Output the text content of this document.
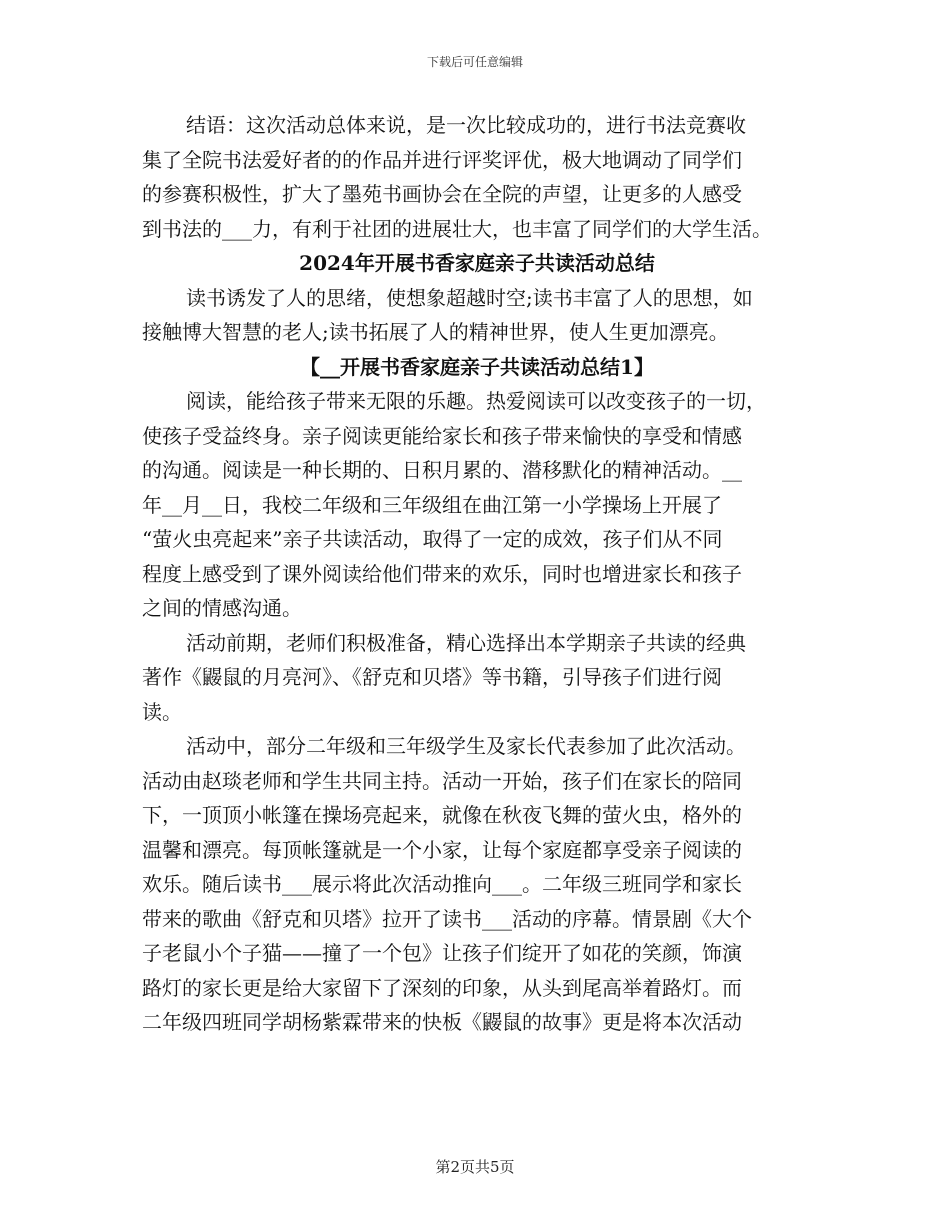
下载后可任意编辑
结语：这次活动总体来说，是一次比较成功的，进行书法竞赛收
集了全院书法爱好者的的作品并进行评奖评优，极大地调动了同学们
的参赛积极性，扩大了墨苑书画协会在全院的声望，让更多的人感受
到书法的___力，有利于社团的进展壮大，也丰富了同学们的大学生活。
2024年开展书香家庭亲子共读活动总结
读书诱发了人的思绪，使想象超越时空;读书丰富了人的思想，如
接触博大智慧的老人;读书拓展了人的精神世界，使人生更加漂亮。
【__开展书香家庭亲子共读活动总结1】
阅读，能给孩子带来无限的乐趣。热爱阅读可以改变孩子的一切，
使孩子受益终身。亲子阅读更能给家长和孩子带来愉快的享受和情感
的沟通。阅读是一种长期的、日积月累的、潜移默化的精神活动。__
年__月__日，我校二年级和三年级组在曲江第一小学操场上开展了
“萤火虫亮起来”亲子共读活动，取得了一定的成效，孩子们从不同
程度上感受到了课外阅读给他们带来的欢乐，同时也增进家长和孩子
之间的情感沟通。
活动前期，老师们积极准备，精心选择出本学期亲子共读的经典
著作《鼹鼠的月亮河》、《舒克和贝塔》等书籍，引导孩子们进行阅
读。
活动中，部分二年级和三年级学生及家长代表参加了此次活动。
活动由赵琰老师和学生共同主持。活动一开始，孩子们在家长的陪同
下，一顶顶小帐篷在操场亮起来，就像在秋夜飞舞的萤火虫，格外的
温馨和漂亮。每顶帐篷就是一个小家，让每个家庭都享受亲子阅读的
欢乐。随后读书___展示将此次活动推向___。二年级三班同学和家长
带来的歌曲《舒克和贝塔》拉开了读书___活动的序幕。情景剧《大个
子老鼠小个子猫——撞了一个包》让孩子们绽开了如花的笑颜，饰演
路灯的家长更是给大家留下了深刻的印象，从头到尾高举着路灯。而
二年级四班同学胡杨紫霖带来的快板《鼹鼠的故事》更是将本次活动
第2页共5页
